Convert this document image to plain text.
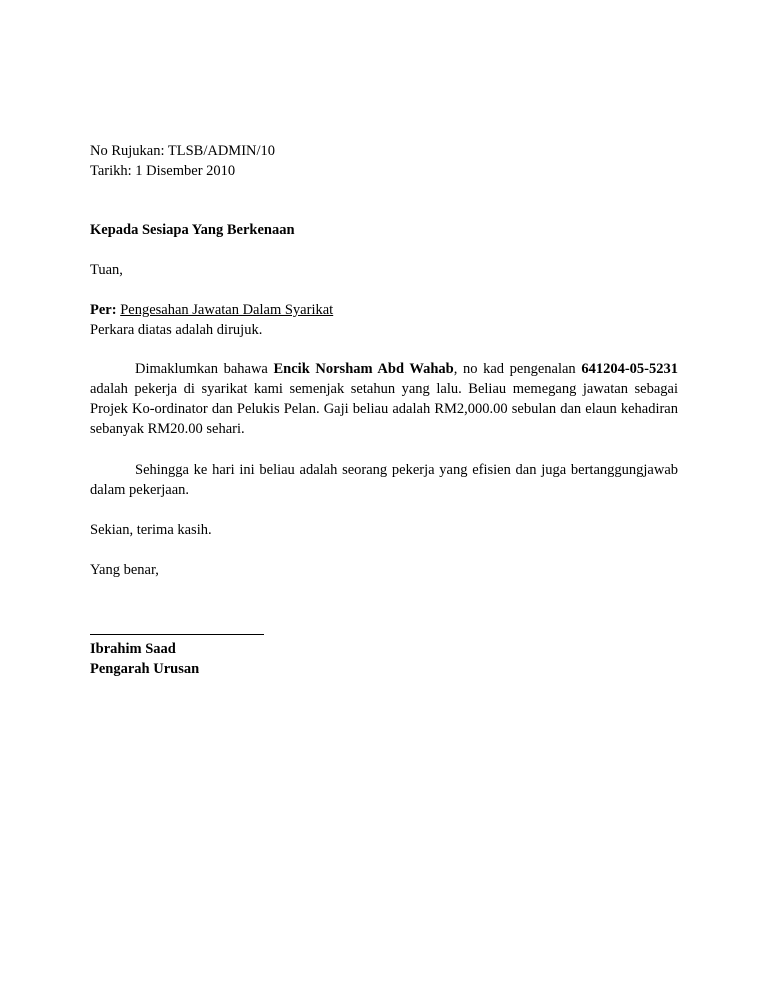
No Rujukan: TLSB/ADMIN/10
Tarikh: 1 Disember 2010
Kepada Sesiapa Yang Berkenaan
Tuan,
Per: Pengesahan Jawatan Dalam Syarikat
Perkara diatas adalah dirujuk.
Dimaklumkan bahawa Encik Norsham Abd Wahab, no kad pengenalan 641204-05-5231 adalah pekerja di syarikat kami semenjak setahun yang lalu. Beliau memegang jawatan sebagai Projek Ko-ordinator dan Pelukis Pelan. Gaji beliau adalah RM2,000.00 sebulan dan elaun kehadiran sebanyak RM20.00 sehari.
Sehingga ke hari ini beliau adalah seorang pekerja yang efisien dan juga bertanggungjawab dalam pekerjaan.
Sekian, terima kasih.
Yang benar,
Ibrahim Saad
Pengarah Urusan
